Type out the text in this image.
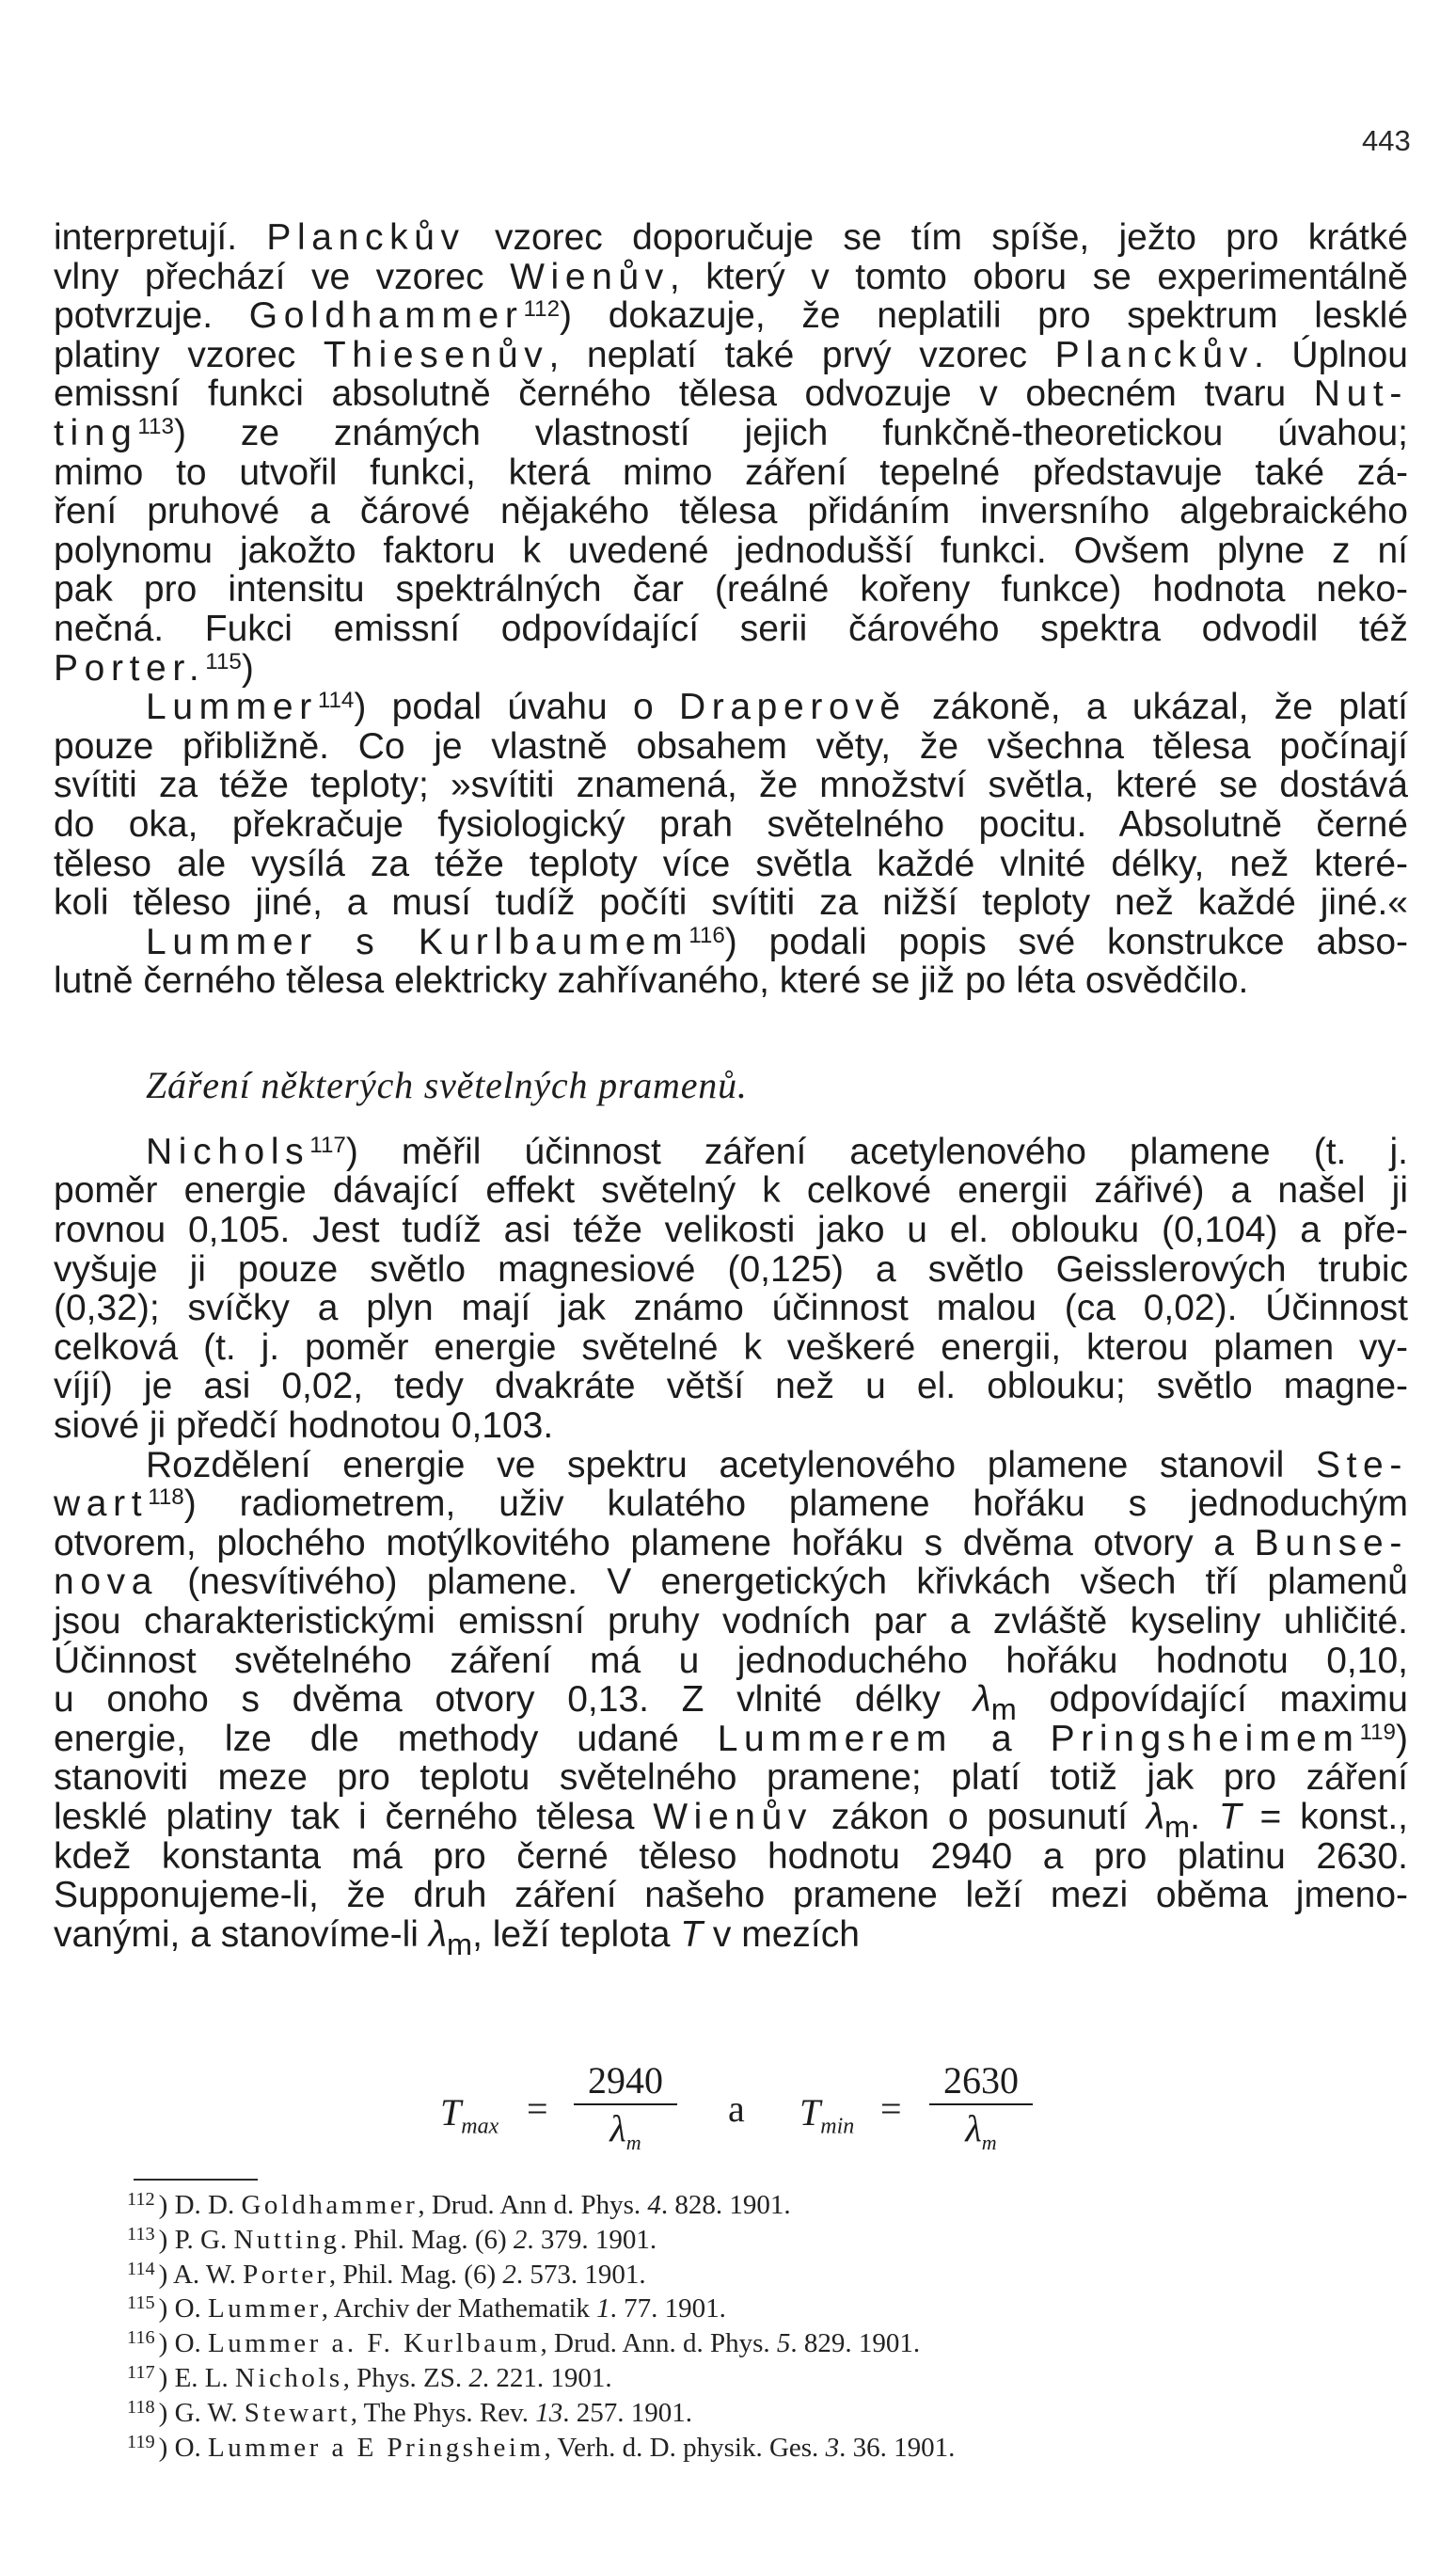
443
interpretují. Planckův vzorec doporučuje se tím spíše, ježto pro krátké
vlny přechází ve vzorec Wienův, který v tomto oboru se experimentálně
potvrzuje. Goldhammer$^{112}$) dokazuje, že neplatili pro spektrum lesklé
platiny vzorec Thiesenův, neplatí také prvý vzorec Planckův. Úplnou
emissní funkci absolutně černého tělesa odvozuje v obecném tvaru Nut-
ting$^{113}$) ze známých vlastností jejich funkčně-theoretickou úvahou;
mimo to utvořil funkci, která mimo záření tepelné představuje také zá-
ření pruhové a čárové nějakého tělesa přidáním inversního algebraického
polynomu jakožto faktoru k uvedené jednodušší funkci. Ovšem plyne z ní
pak pro intensitu spektrálných čar (reálné kořeny funkce) hodnota neko-
nečná. Fukci emissní odpovídající serii čárového spektra odvodil též
Porter.$^{115}$)
Lummer$^{114}$) podal úvahu o Draperově zákoně, a ukázal, že platí
pouze přibližně. Co je vlastně obsahem věty, že všechna tělesa počínají
svítiti za téže teploty; »svítiti znamená, že množství světla, které se dostává
do oka, překračuje fysiologický prah světelného pocitu. Absolutně černé
těleso ale vysílá za téže teploty více světla každé vlnité délky, než které-
koli těleso jiné, a musí tudíž počíti svítiti za nižší teploty než každé jiné.«
Lummer s Kurlbaumem$^{116}$) podali popis své konstrukce abso-
lutně černého tělesa elektricky zahřívaného, které se již po léta osvědčilo.
Záření některých světelných pramenů.
Nichols$^{117}$) měřil účinnost záření acetylenového plamene (t. j.
poměr energie dávající effekt světelný k celkové energii zářivé) a našel ji
rovnou 0,105. Jest tudíž asi téže velikosti jako u el. oblouku (0,104) a pře-
vyšuje ji pouze světlo magnesiové (0,125) a světlo Geisslerových trubic
(0,32); svíčky a plyn mají jak známo účinnost malou (ca 0,02). Účinnost
celková (t. j. poměr energie světelné k veškeré energii, kterou plamen vy-
víjí) je asi 0,02, tedy dvakráte větší než u el. oblouku; světlo magne-
siové ji předčí hodnotou 0,103.
Rozdělení energie ve spektru acetylenového plamene stanovil Ste-
wart$^{118}$) radiometrem, uživ kulatého plamene hořáku s jednoduchým
otvorem, plochého motýlkovitého plamene hořáku s dvěma otvory a Bunse-
nova (nesvítivého) plamene. V energetických křivkách všech tří plamenů
jsou charakteristickými emissní pruhy vodních par a zvláště kyseliny uhličité.
Účinnost světelného záření má u jednoduchého hořáku hodnotu 0,10,
u onoho s dvěma otvory 0,13. Z vlnité délky $\lambda_m$ odpovídající maximu
energie, lze dle methody udané Lummerem a Pringsheimem$^{119}$)
stanoviti meze pro teplotu světelného pramene; platí totiž jak pro záření
lesklé platiny tak i černého tělesa Wienův zákon o posunutí $\lambda_m$. T = konst.,
kdež konstanta má pro černé těleso hodnotu 2940 a pro platinu 2630.
Supponujeme-li, že druh záření našeho pramene leží mezi oběma jmeno-
vanými, a stanovíme-li $\lambda_m$, leží teplota T v mezích
$T_{max}$ =
2940
$\lambda_m$
a $T_{min}$ =
2630
$\lambda_m$
$^{112}$ ) D. D. Goldhammer, Drud. Ann d. Phys. 4. 828. 1901.
$^{113}$ ) P. G. Nutting. Phil. Mag. (6) 2. 379. 1901.
$^{114}$ ) A. W. Porter, Phil. Mag. (6) 2. 573. 1901.
$^{115}$ ) O. Lummer, Archiv der Mathematik 1. 77. 1901.
$^{116}$ ) O. Lummer a. F. Kurlbaum, Drud. Ann. d. Phys. 5. 829. 1901.
$^{117}$ ) E. L. Nichols, Phys. ZS. 2. 221. 1901.
$^{118}$ ) G. W. Stewart, The Phys. Rev. 13. 257. 1901.
$^{119}$ ) O. Lummer a E Pringsheim, Verh. d. D. physik. Ges. 3. 36. 1901.
